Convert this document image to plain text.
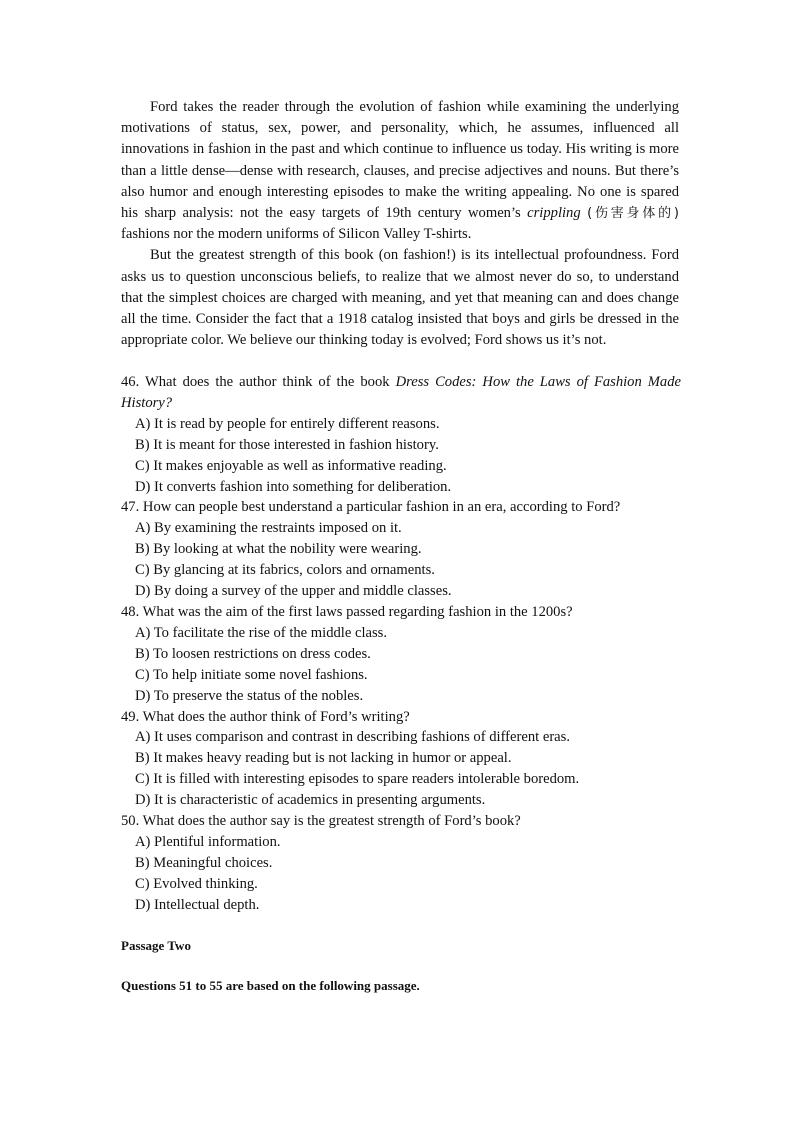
Ford takes the reader through the evolution of fashion while examining the underlying motivations of status, sex, power, and personality, which, he assumes, influenced all innovations in fashion in the past and which continue to influence us today. His writing is more than a little dense—dense with research, clauses, and precise adjectives and nouns. But there’s also humor and enough interesting episodes to make the writing appealing. No one is spared his sharp analysis: not the easy targets of 19th century women’s crippling (伤害身体的) fashions nor the modern uniforms of Silicon Valley T-shirts.

But the greatest strength of this book (on fashion!) is its intellectual profoundness. Ford asks us to question unconscious beliefs, to realize that we almost never do so, to understand that the simplest choices are charged with meaning, and yet that meaning can and does change all the time. Consider the fact that a 1918 catalog insisted that boys and girls be dressed in the appropriate color. We believe our thinking today is evolved; Ford shows us it’s not.

46. What does the author think of the book Dress Codes: How the Laws of Fashion Made History?

A) It is read by people for entirely different reasons.

B) It is meant for those interested in fashion history.

C) It makes enjoyable as well as informative reading.

D) It converts fashion into something for deliberation.

47. How can people best understand a particular fashion in an era, according to Ford?

A) By examining the restraints imposed on it.

B) By looking at what the nobility were wearing.

C) By glancing at its fabrics, colors and ornaments.

D) By doing a survey of the upper and middle classes.

48. What was the aim of the first laws passed regarding fashion in the 1200s?

A) To facilitate the rise of the middle class.

B) To loosen restrictions on dress codes.

C) To help initiate some novel fashions.

D) To preserve the status of the nobles.

49. What does the author think of Ford’s writing?

A) It uses comparison and contrast in describing fashions of different eras.

B) It makes heavy reading but is not lacking in humor or appeal.

C) It is filled with interesting episodes to spare readers intolerable boredom.

D) It is characteristic of academics in presenting arguments.

50. What does the author say is the greatest strength of Ford’s book?

A) Plentiful information.

B) Meaningful choices.

C) Evolved thinking.

D) Intellectual depth.

Passage Two

Questions 51 to 55 are based on the following passage.
